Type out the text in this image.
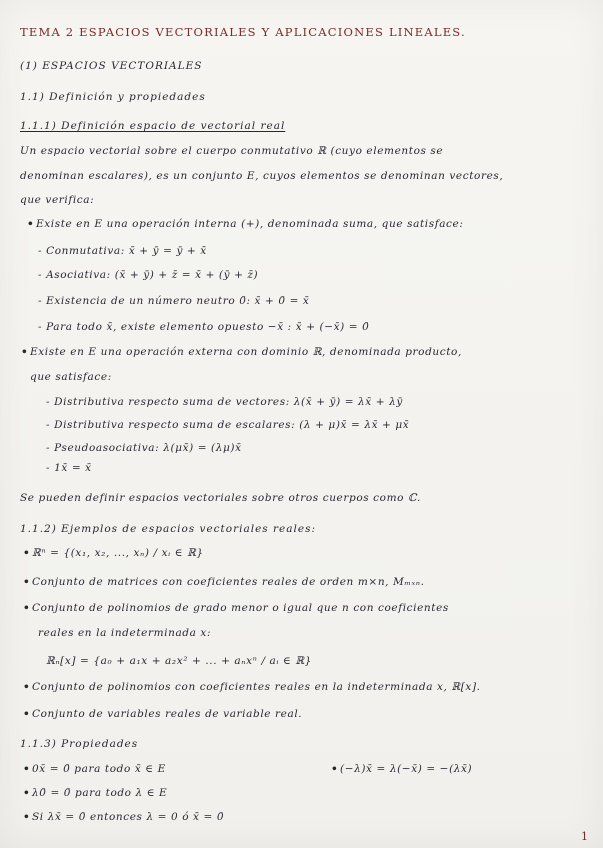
TEMA 2 ESPACIOS VECTORIALES Y APLICACIONES LINEALES.
(1) ESPACIOS VECTORIALES
1.1) Definición y propiedades
1.1.1) Definición espacio de vectorial real
Un espacio vectorial sobre el cuerpo conmutativo ℝ (cuyo elementos se
denominan escalares), es un conjunto E, cuyos elementos se denominan vectores,
que verifica:
• Existe en E una operación interna (+), denominada suma, que satisface:
- Conmutativa: x̄ + ȳ = ȳ + x̄
- Asociativa: (x̄ + ȳ) + z̄ = x̄ + (ȳ + z̄)
- Existencia de un número neutro 0̄: x̄ + 0̄ = x̄
- Para todo x̄, existe elemento opuesto −x̄ : x̄ + (−x̄) = 0̄
• Existe en E una operación externa con dominio ℝ, denominada producto,
que satisface:
- Distributiva respecto suma de vectores: λ(x̄ + ȳ) = λx̄ + λȳ
- Distributiva respecto suma de escalares: (λ + μ)x̄ = λx̄ + μx̄
- Pseudoasociativa: λ(μx̄) = (λμ)x̄
- 1x̄ = x̄
Se pueden definir espacios vectoriales sobre otros cuerpos como ℂ.
1.1.2) Ejemplos de espacios vectoriales reales:
• ℝⁿ = {(x₁, x₂, ..., xₙ) / xᵢ ∈ ℝ}
• Conjunto de matrices con coeficientes reales de orden m×n, Mₘₓₙ.
• Conjunto de polinomios de grado menor o igual que n con coeficientes
reales en la indeterminada x:
ℝₙ[x] = {a₀ + a₁x + a₂x² + ... + aₙxⁿ / aᵢ ∈ ℝ}
• Conjunto de polinomios con coeficientes reales en la indeterminada x, ℝ[x].
• Conjunto de variables reales de variable real.
1.1.3) Propiedades
• 0x̄ = 0̄ para todo x̄ ∈ E
•	(−λ)x̄ = λ(−x̄) = −(λx̄)
• λ0̄ = 0̄ para todo λ ∈ E
• Si λx̄ = 0̄ entonces λ = 0 ó x̄ = 0̄
1
